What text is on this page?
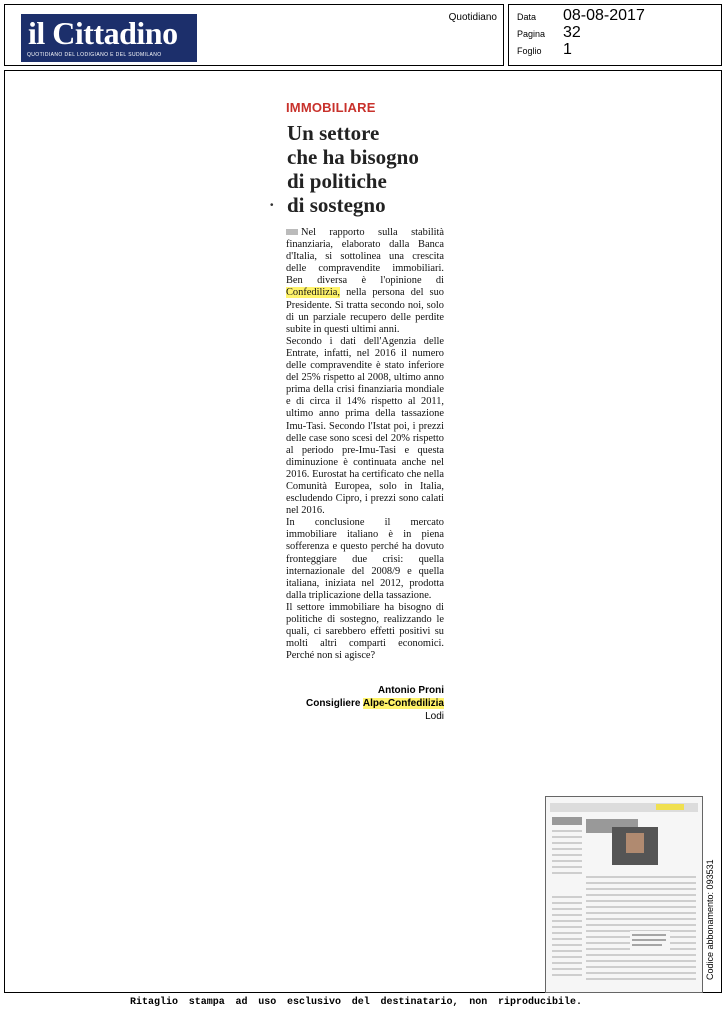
il Cittadino
QUOTIDIANO DEL LODIGIANO E DEL SUDMILANO
Quotidiano Data	08-08-2017
Pagina	32
Foglio	1

IMMOBILIARE

Un settore
che ha bisogno
di politiche
di sostegno
•

Nel rapporto sulla stabilità finanziaria, elaborato dalla Banca d'Italia, si sottolinea una crescita delle compravendite immobiliari. Ben diversa è l'opinione di Confedilizia, nella persona del suo Presidente. Si tratta secondo noi, solo di un parziale recupero delle perdite subite in questi ultimi anni.

Secondo i dati dell'Agenzia delle Entrate, infatti, nel 2016 il numero delle compravendite è stato inferiore del 25% rispetto al 2008, ultimo anno prima della crisi finanziaria mondiale e di circa il 14% rispetto al 2011, ultimo anno prima della tassazione Imu-Tasi. Secondo l'Istat poi, i prezzi delle case sono scesi del 20% rispetto al periodo pre-Imu-Tasi e questa diminuzione è continuata anche nel 2016. Eurostat ha certificato che nella Comunità Europea, solo in Italia, escludendo Cipro, i prezzi sono calati nel 2016.

In conclusione il mercato immobiliare italiano è in piena sofferenza e questo perché ha dovuto fronteggiare due crisi: quella internazionale del 2008/9 e quella italiana, iniziata nel 2012, prodotta dalla triplicazione della tassazione.

Il settore immobiliare ha bisogno di politiche di sostegno, realizzando le quali, ci sarebbero effetti positivi su molti altri comparti economici. Perché non si agisce?

Antonio Proni
Consigliere Alpe-Confedilizia
Lodi
Codice abbonamento: 093531
Ritaglio stampa ad uso esclusivo del destinatario, non riproducibile.
